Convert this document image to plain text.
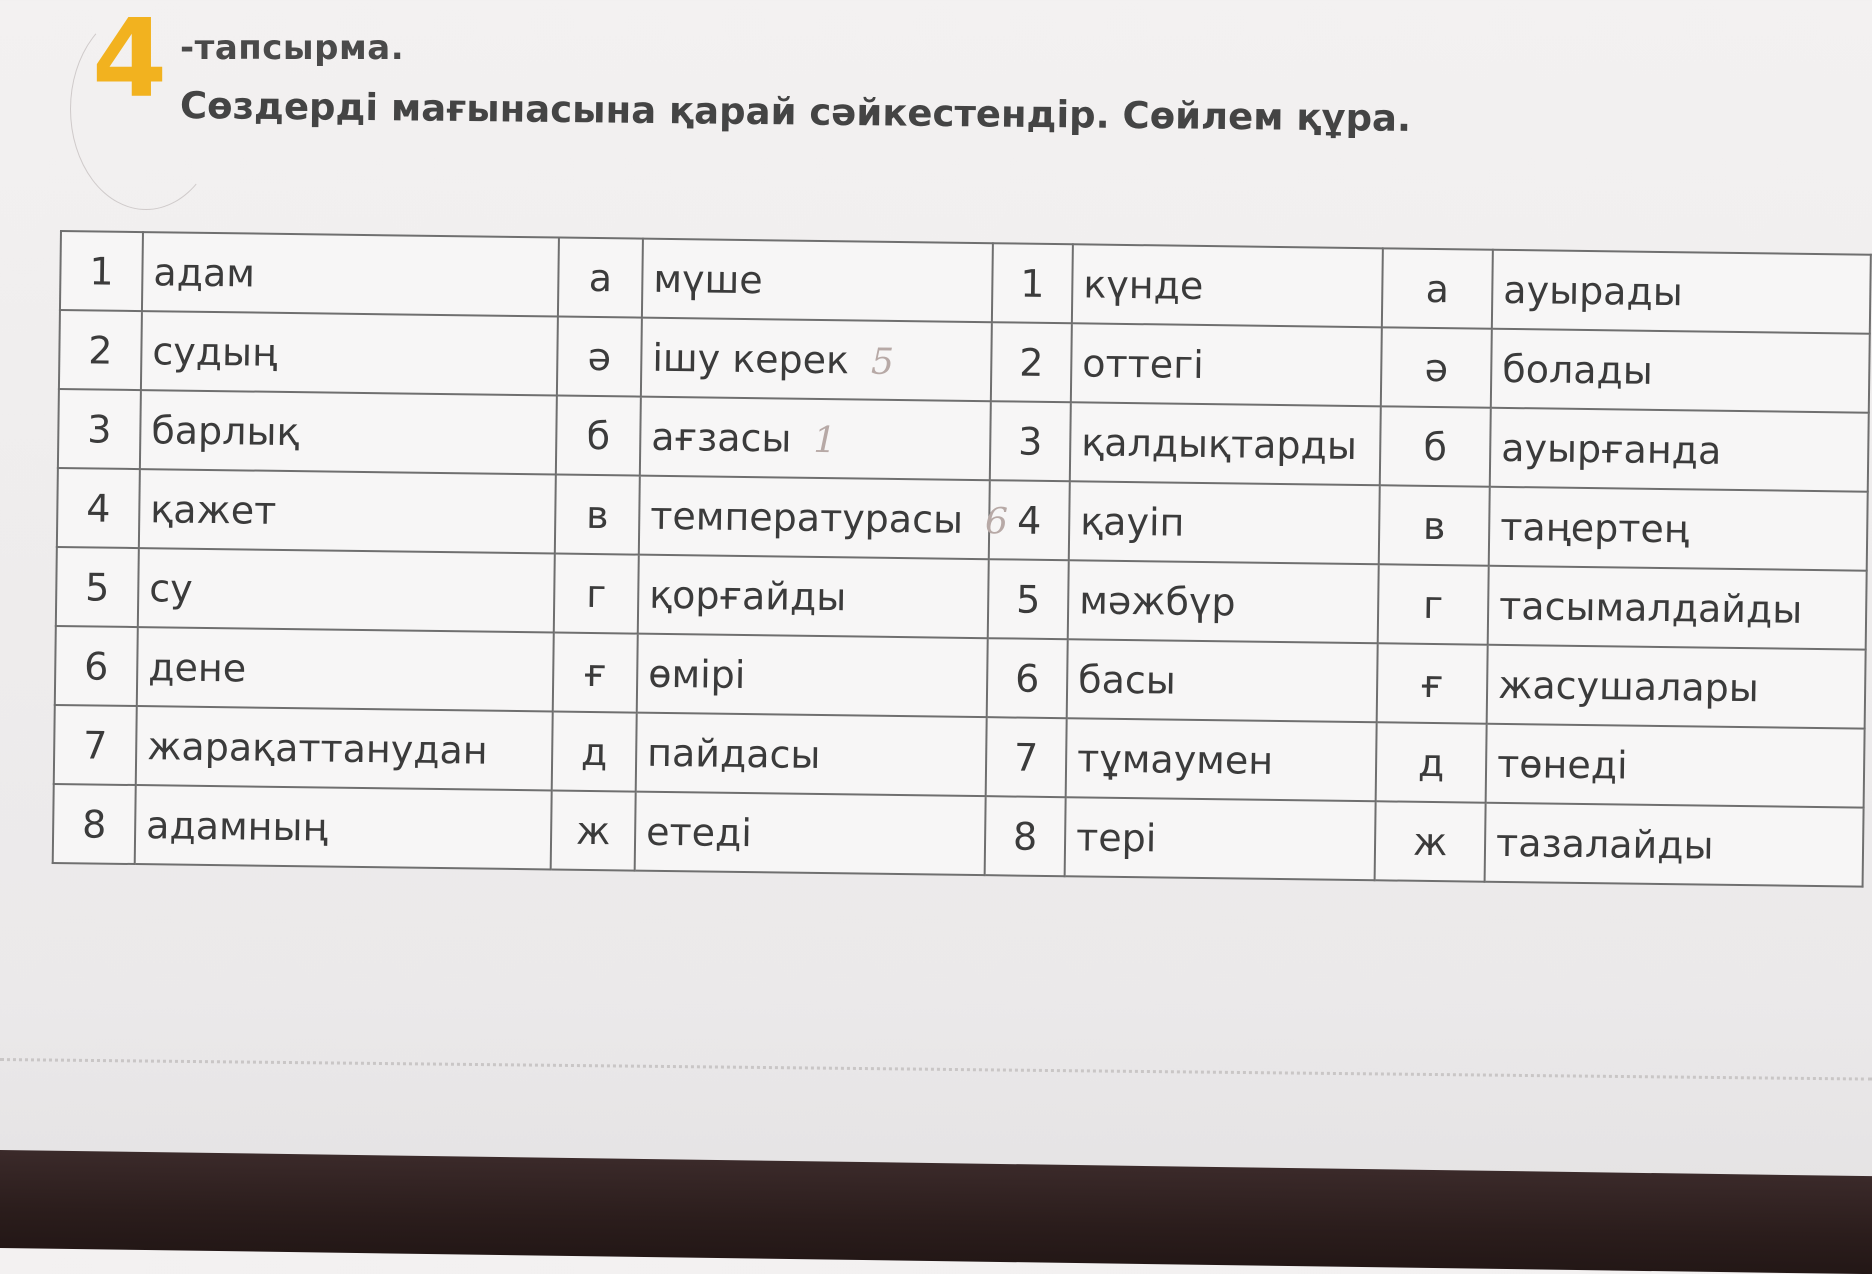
4 -тапсырма.
Сөздерді мағынасына қарай сәйкестендір. Сөйлем құра.
1	адам	а	мүше	1	күнде	а	ауырады
2	судың	ә	ішу керек 5	2	оттегі	ә	болады
3	барлық	б	ағзасы 1	3	қалдықтарды	б	ауырғанда
4	қажет	в	температурасы 6	4	қауіп	в	таңертең
5	су	г	қорғайды	5	мәжбүр	г	тасымалдайды
6	дене	ғ	өмірі	6	басы	ғ	жасушалары
7	жарақаттанудан	д	пайдасы	7	тұмаумен	д	төнеді
8	адамның	ж	етеді	8	тері	ж	тазалайды
